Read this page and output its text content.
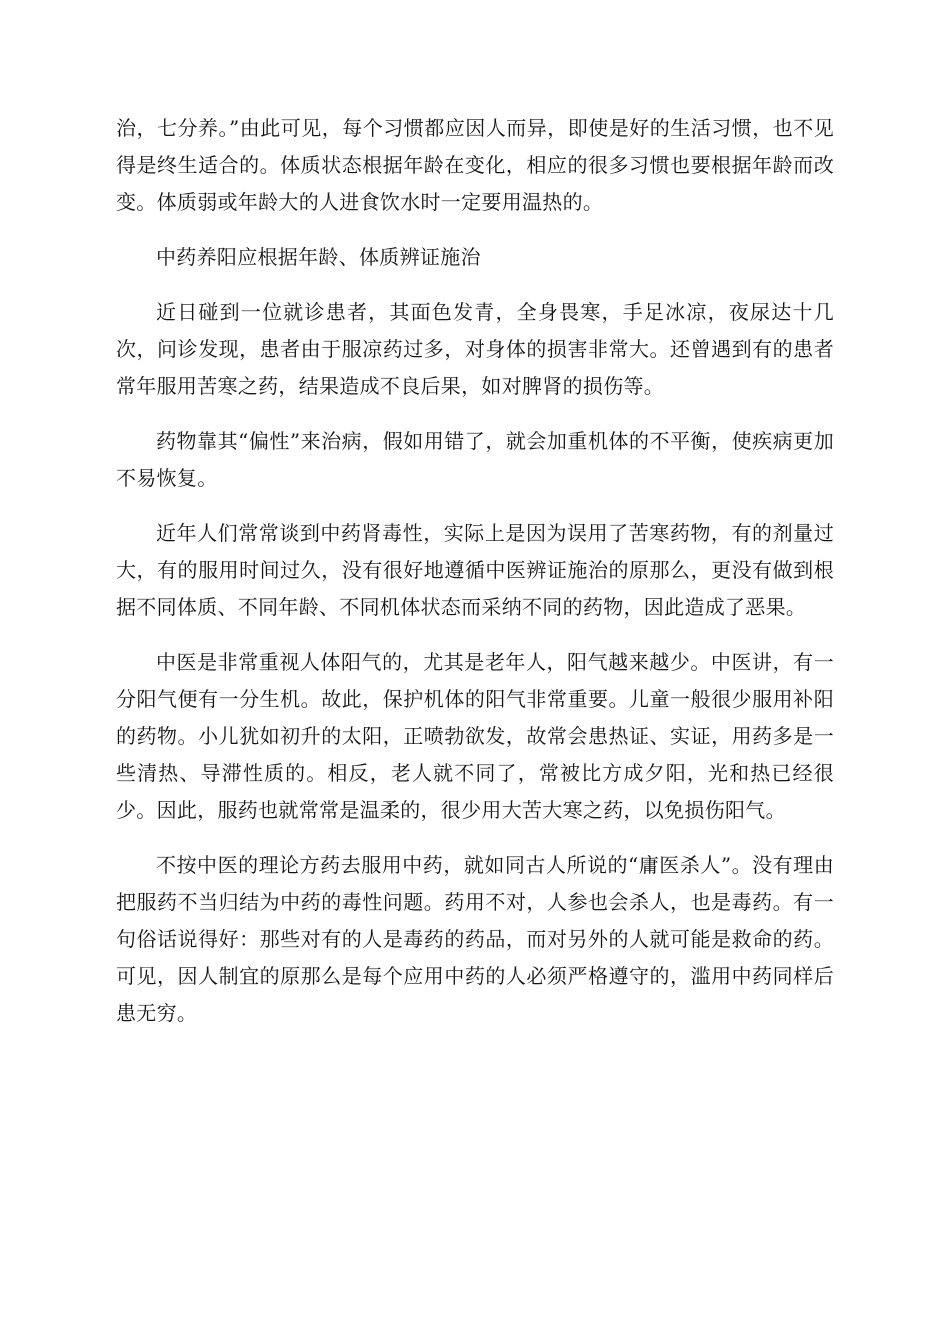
治，七分养。”由此可见，每个习惯都应因人而异，即使是好的生活习惯，也不见得是终生适合的。体质状态根据年龄在变化，相应的很多习惯也要根据年龄而改变。体质弱或年龄大的人进食饮水时一定要用温热的。

中药养阳应根据年龄、体质辨证施治

近日碰到一位就诊患者，其面色发青，全身畏寒，手足冰凉，夜尿达十几次，问诊发现，患者由于服凉药过多，对身体的损害非常大。还曾遇到有的患者常年服用苦寒之药，结果造成不良后果，如对脾肾的损伤等。

药物靠其“偏性”来治病，假如用错了，就会加重机体的不平衡，使疾病更加不易恢复。

近年人们常常谈到中药肾毒性，实际上是因为误用了苦寒药物，有的剂量过大，有的服用时间过久，没有很好地遵循中医辨证施治的原那么，更没有做到根据不同体质、不同年龄、不同机体状态而采纳不同的药物，因此造成了恶果。

中医是非常重视人体阳气的，尤其是老年人，阳气越来越少。中医讲，有一分阳气便有一分生机。故此，保护机体的阳气非常重要。儿童一般很少服用补阳的药物。小儿犹如初升的太阳，正喷勃欲发，故常会患热证、实证，用药多是一些清热、导滞性质的。相反，老人就不同了，常被比方成夕阳，光和热已经很少。因此，服药也就常常是温柔的，很少用大苦大寒之药，以免损伤阳气。

不按中医的理论方药去服用中药，就如同古人所说的“庸医杀人”。没有理由把服药不当归结为中药的毒性问题。药用不对，人参也会杀人，也是毒药。有一句俗话说得好：那些对有的人是毒药的药品，而对另外的人就可能是救命的药。可见，因人制宜的原那么是每个应用中药的人必须严格遵守的，滥用中药同样后患无穷。
